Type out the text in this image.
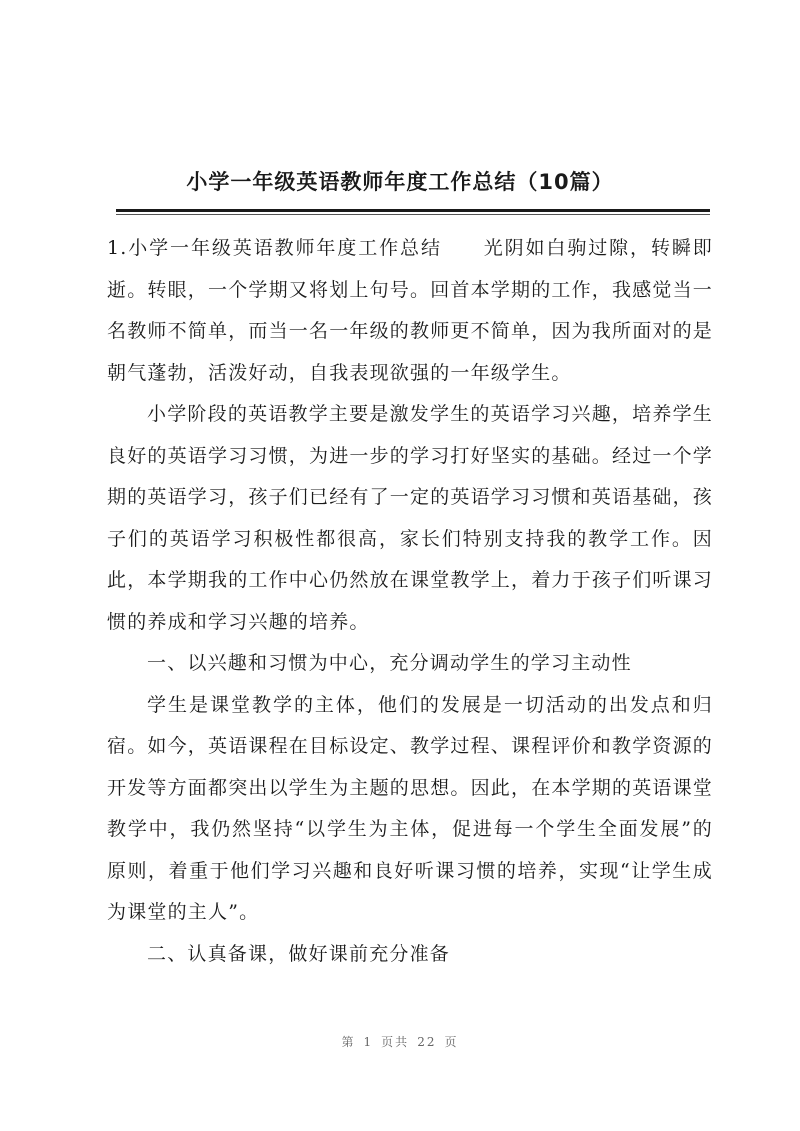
小学一年级英语教师年度工作总结（10篇）

1.小学一年级英语教师年度工作总结　　光阴如白驹过隙，转瞬即逝。转眼，一个学期又将划上句号。回首本学期的工作，我感觉当一名教师不简单，而当一名一年级的教师更不简单，因为我所面对的是朝气蓬勃，活泼好动，自我表现欲强的一年级学生。

小学阶段的英语教学主要是激发学生的英语学习兴趣，培养学生良好的英语学习习惯，为进一步的学习打好坚实的基础。经过一个学期的英语学习，孩子们已经有了一定的英语学习习惯和英语基础，孩子们的英语学习积极性都很高，家长们特别支持我的教学工作。因此，本学期我的工作中心仍然放在课堂教学上，着力于孩子们听课习惯的养成和学习兴趣的培养。

一、以兴趣和习惯为中心，充分调动学生的学习主动性

学生是课堂教学的主体，他们的发展是一切活动的出发点和归宿。如今，英语课程在目标设定、教学过程、课程评价和教学资源的开发等方面都突出以学生为主题的思想。因此，在本学期的英语课堂教学中，我仍然坚持“以学生为主体，促进每一个学生全面发展”的原则，着重于他们学习兴趣和良好听课习惯的培养，实现“让学生成为课堂的主人”。

二、认真备课，做好课前充分准备

第 1 页共 22 页
